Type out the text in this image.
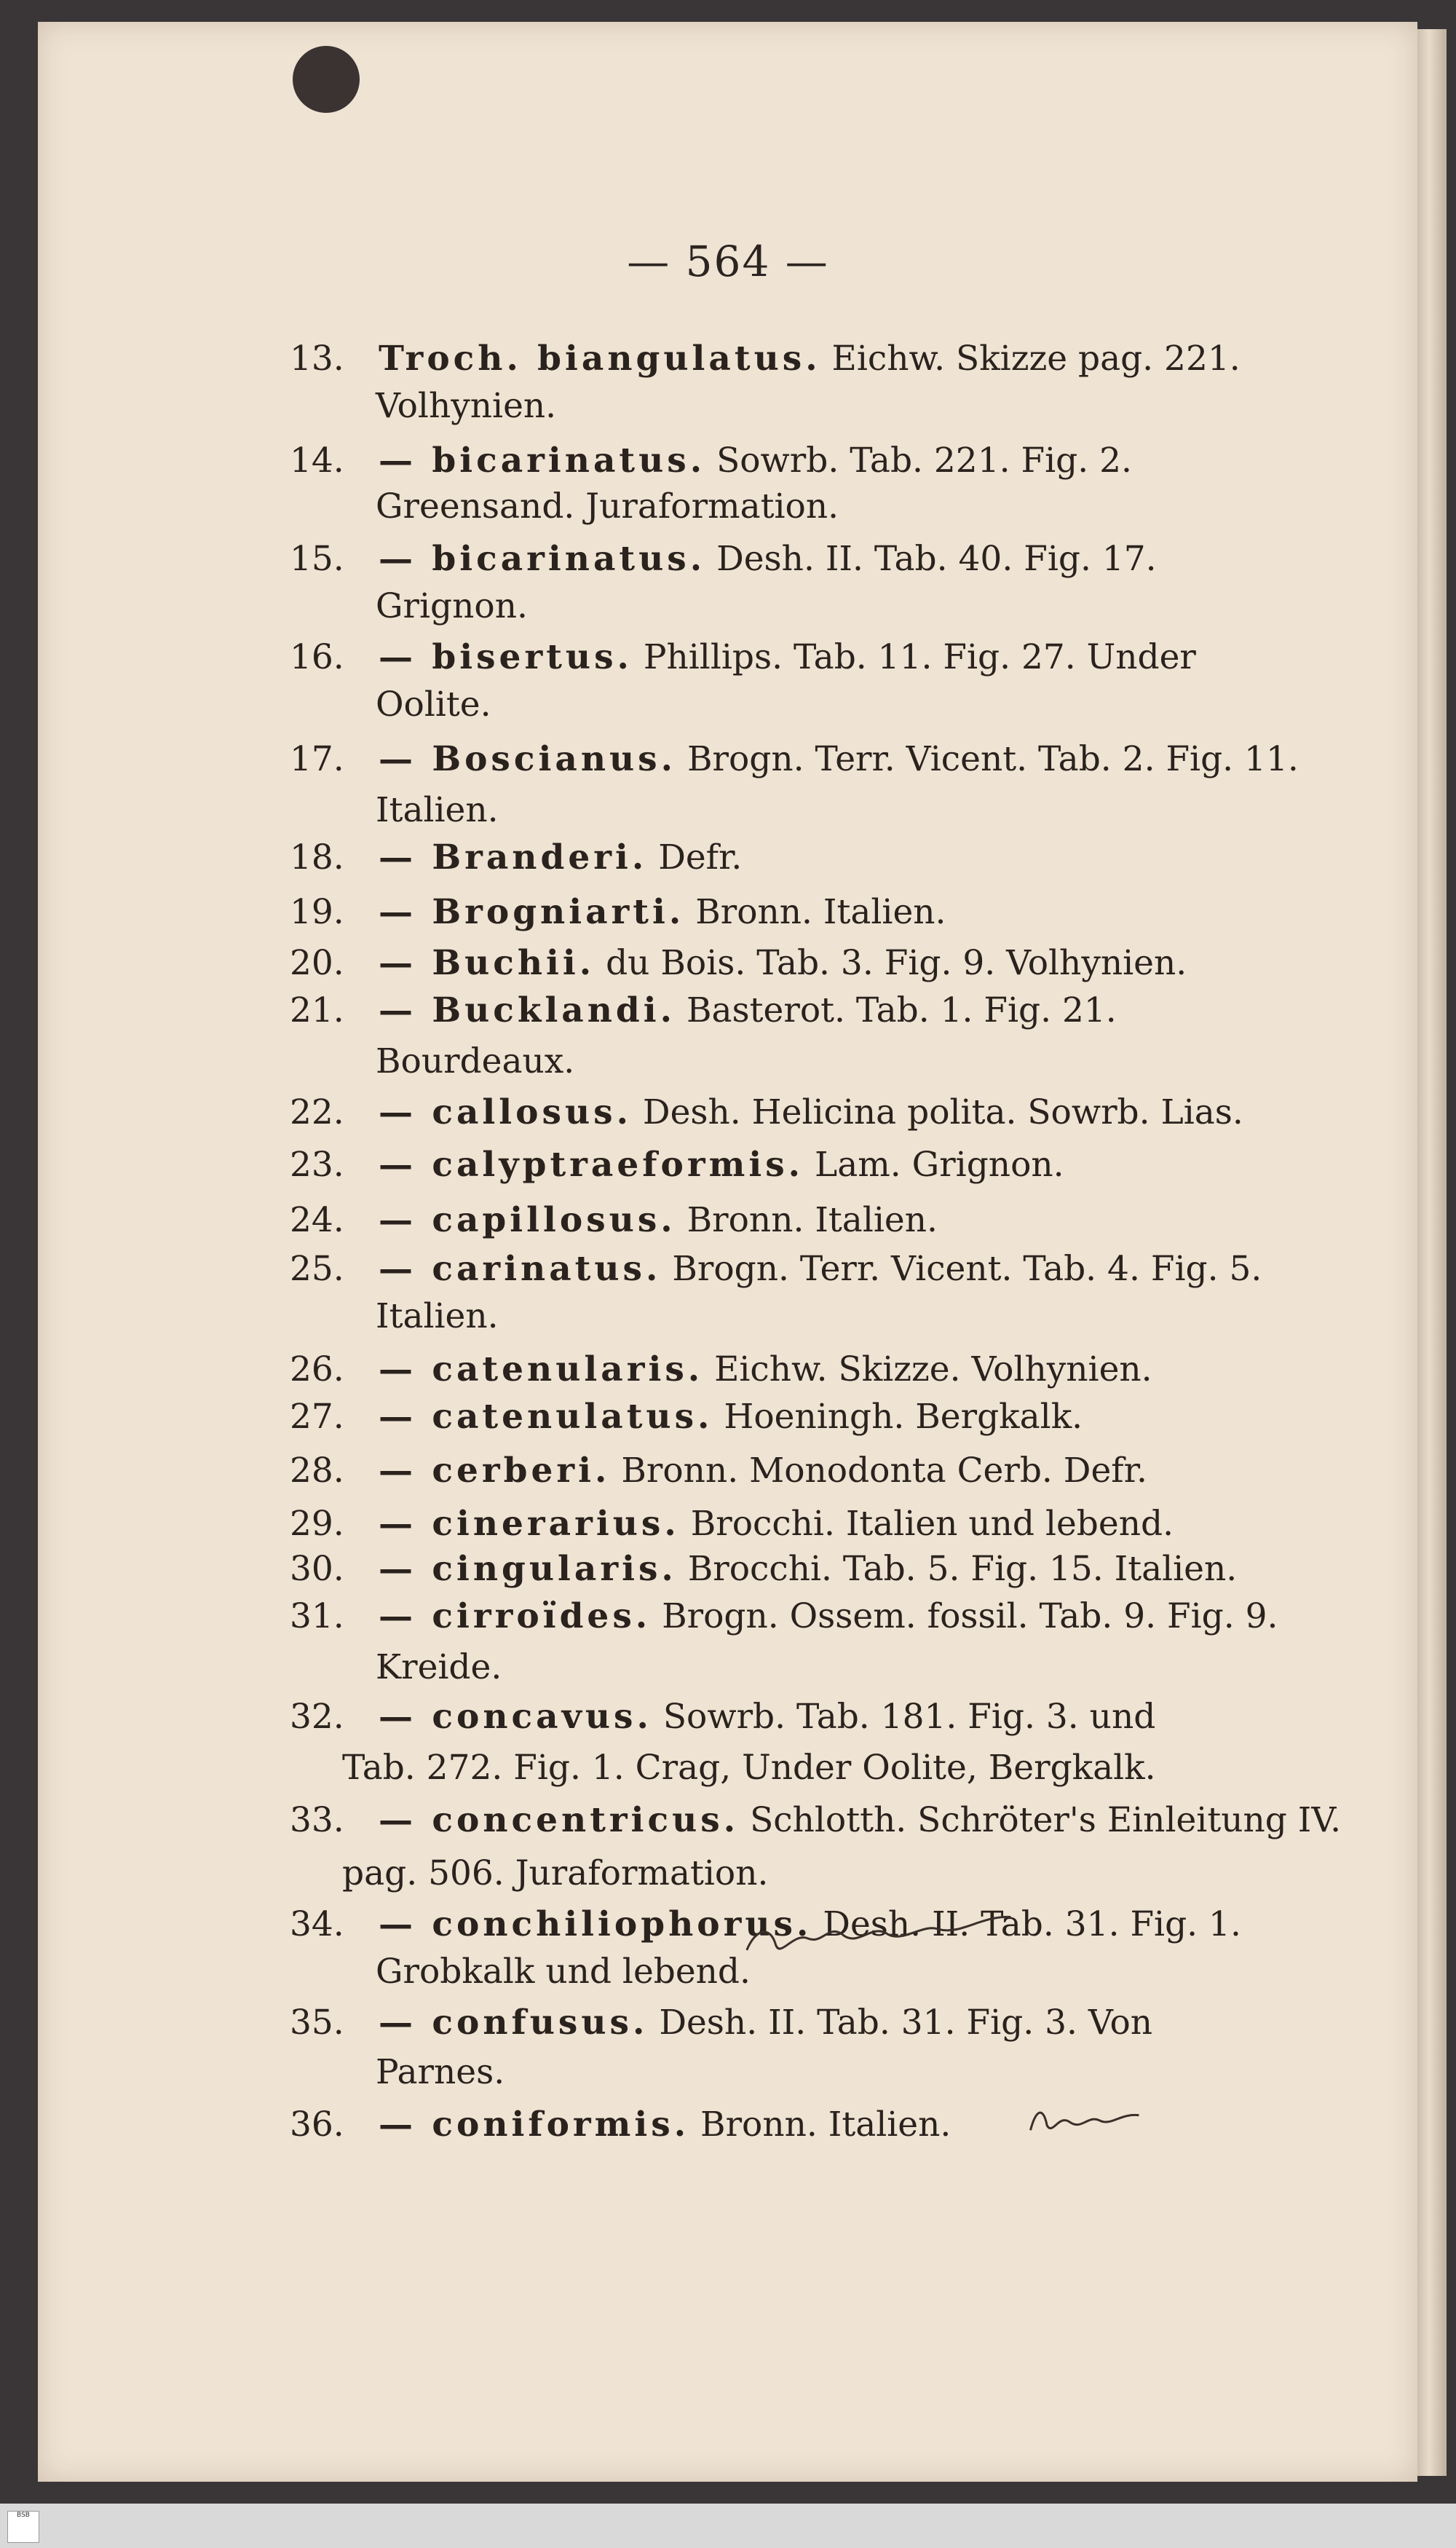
— 564 —
13. Troch. biangulatus. Eichw. Skizze pag. 221.
Volhynien.
14. — bicarinatus. Sowrb. Tab. 221. Fig. 2.
Greensand. Juraformation.
15. — bicarinatus. Desh. II. Tab. 40. Fig. 17.
Grignon.
16. — bisertus. Phillips. Tab. 11. Fig. 27. Under
Oolite.
17. — Boscianus. Brogn. Terr. Vicent. Tab. 2. Fig. 11.
Italien.
18. — Branderi. Defr.
19. — Brogniarti. Bronn. Italien.
20. — Buchii. du Bois. Tab. 3. Fig. 9. Volhynien.
21. — Bucklandi. Basterot. Tab. 1. Fig. 21.
Bourdeaux.
22. — callosus. Desh. Helicina polita. Sowrb. Lias.
23. — calyptraeformis. Lam. Grignon.
24. — capillosus. Bronn. Italien.
25. — carinatus. Brogn. Terr. Vicent. Tab. 4. Fig. 5.
Italien.
26. — catenularis. Eichw. Skizze. Volhynien.
27. — catenulatus. Hoeningh. Bergkalk.
28. — cerberi. Bronn. Monodonta Cerb. Defr.
29. — cinerarius. Brocchi. Italien und lebend.
30. — cingularis. Brocchi. Tab. 5. Fig. 15. Italien.
31. — cirroïdes. Brogn. Ossem. fossil. Tab. 9. Fig. 9.
Kreide.
32. — concavus. Sowrb. Tab. 181. Fig. 3. und
Tab. 272. Fig. 1. Crag, Under Oolite, Bergkalk.
33. — concentricus. Schlotth. Schröter's Einleitung IV.
pag. 506. Juraformation.
34. — conchiliophorus. Desh. II. Tab. 31. Fig. 1.
Grobkalk und lebend.
35. — confusus. Desh. II. Tab. 31. Fig. 3. Von
Parnes.
36. — coniformis. Bronn. Italien.
BSB
